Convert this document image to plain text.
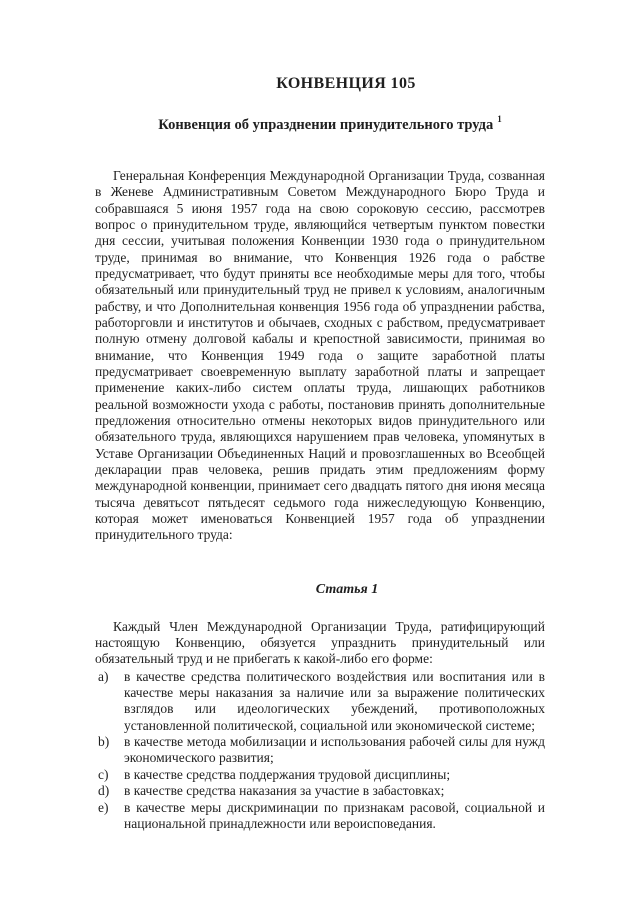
КОНВЕНЦИЯ 105
Конвенция об упразднении принудительного труда $^1$

Генеральная Конференция Международной Организации Труда, созванная в Женеве Административным Советом Международного Бюро Труда и собравшаяся 5 июня 1957 года на свою сороковую сессию, рассмотрев вопрос о принудительном труде, являющийся четвертым пунктом повестки дня сессии, учитывая положения Конвенции 1930 года о принудительном труде, принимая во внимание, что Конвенция 1926 года о рабстве предусматривает, что будут приняты все необходимые меры для того, чтобы обязательный или принудительный труд не привел к условиям, аналогичным рабству, и что Дополнительная конвенция 1956 года об упразднении рабства, работорговли и институтов и обычаев, сходных с рабством, предусматривает полную отмену долговой кабалы и крепостной зависимости, принимая во внимание, что Конвенция 1949 года о защите заработной платы предусматривает своевременную выплату заработной платы и запрещает применение каких-либо систем оплаты труда, лишающих работников реальной возможности ухода с работы, постановив принять дополнительные предложения относительно отмены некоторых видов принудительного или обязательного труда, являющихся нарушением прав человека, упомянутых в Уставе Организации Объединенных Наций и провозглашенных во Всеобщей декларации прав человека, решив придать этим предложениям форму международной конвенции, принимает сего двадцать пятого дня июня месяца тысяча девятьсот пятьдесят седьмого года нижеследующую Конвенцию, которая может именоваться Конвенцией 1957 года об упразднении принудительного труда:

Статья 1

Каждый Член Международной Организации Труда, ратифицирующий настоящую Конвенцию, обязуется упразднить принудительный или обязательный труд и не прибегать к какой-либо его форме:

a)	в качестве средства политического воздействия или воспитания или в качестве меры наказания за наличие или за выражение политических взглядов или идеологических убеждений, противоположных установленной политической, социальной или экономической системе;
b)	в качестве метода мобилизации и использования рабочей силы для нужд экономического развития;
c)	в качестве средства поддержания трудовой дисциплины;
d)	в качестве средства наказания за участие в забастовках;
e)	в качестве меры дискриминации по признакам расовой, социальной и национальной принадлежности или вероисповедания.
